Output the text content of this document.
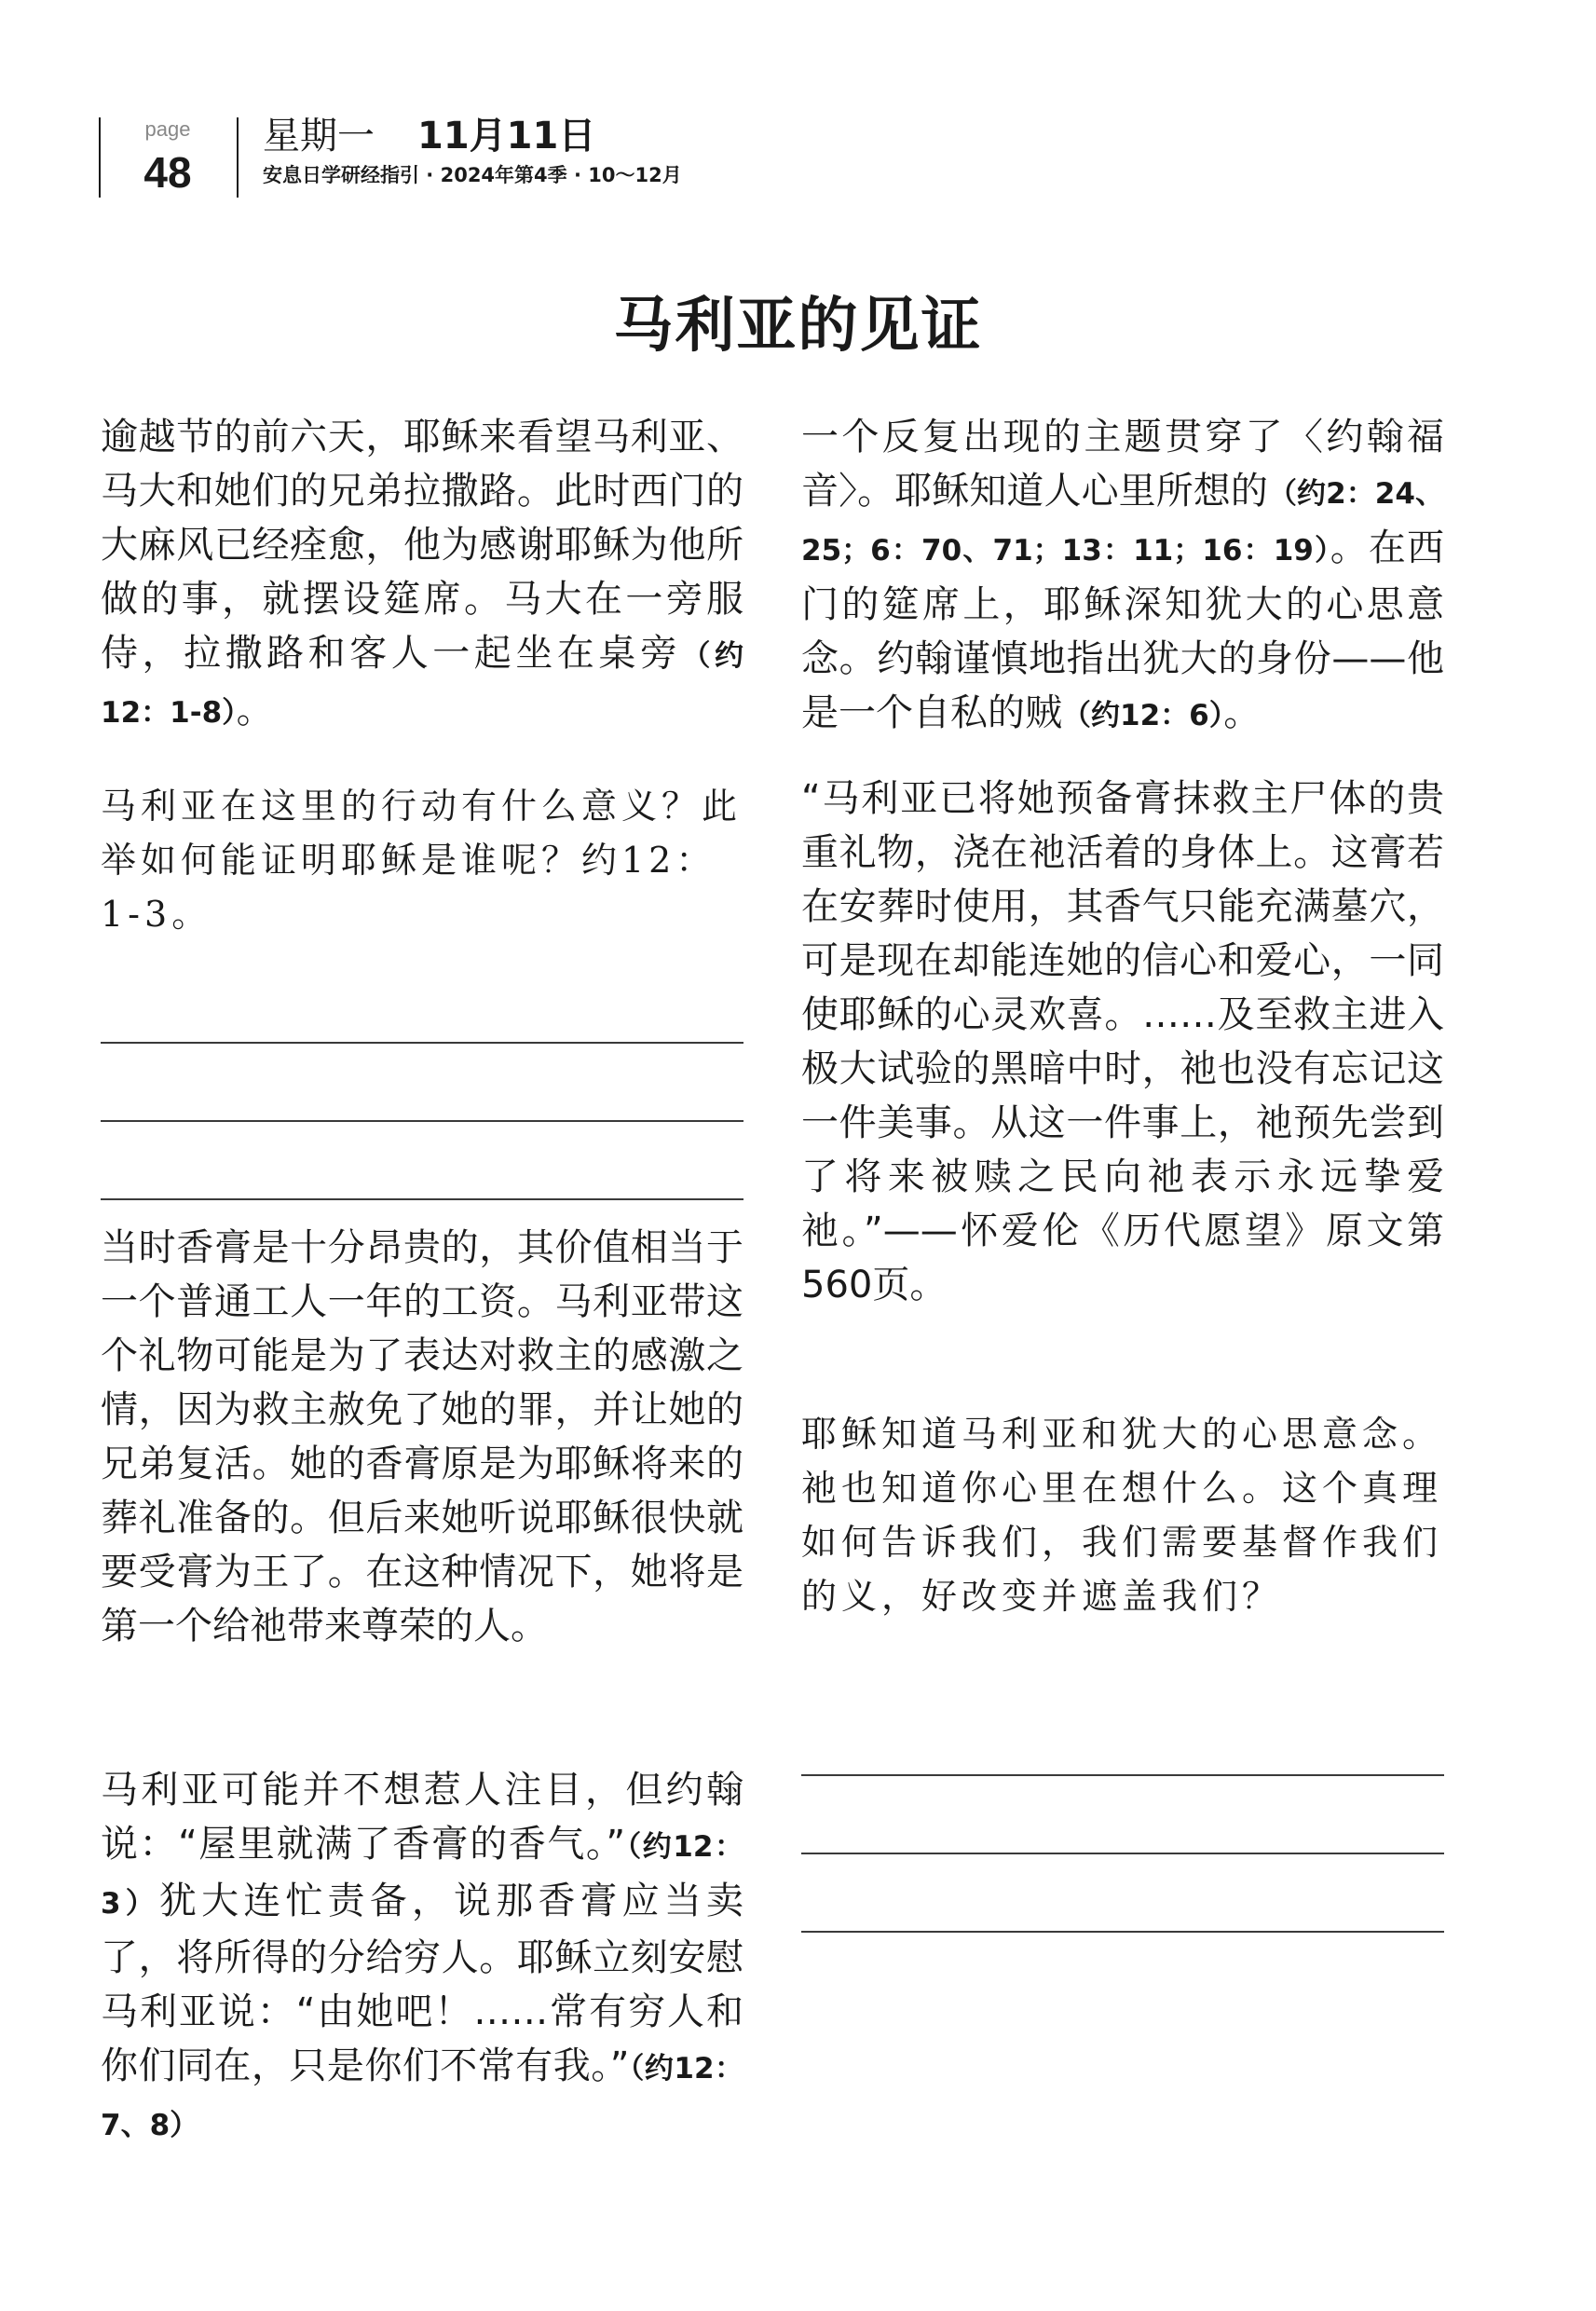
page
48
星期一 11月11日
安息日学研经指引 · 2024年第4季 · 10～12月
马利亚的见证

逾越节的前六天，耶稣来看望马利亚、马大和她们的兄弟拉撒路。此时西门的大麻风已经痊愈，他为感谢耶稣为他所做的事，就摆设筵席。马大在一旁服侍，拉撒路和客人一起坐在桌旁（约12：1-8）。

马利亚在这里的行动有什么意义？此举如何能证明耶稣是谁呢？约12：1-3。

当时香膏是十分昂贵的，其价值相当于一个普通工人一年的工资。马利亚带这个礼物可能是为了表达对救主的感激之情，因为救主赦免了她的罪，并让她的兄弟复活。她的香膏原是为耶稣将来的葬礼准备的。但后来她听说耶稣很快就要受膏为王了。在这种情况下，她将是第一个给祂带来尊荣的人。

马利亚可能并不想惹人注目，但约翰说：“屋里就满了香膏的香气。”（约12：3）犹大连忙责备，说那香膏应当卖了，将所得的分给穷人。耶稣立刻安慰马利亚说：“由她吧！……常有穷人和你们同在，只是你们不常有我。”（约12：7、8）

一个反复出现的主题贯穿了〈约翰福音〉。耶稣知道人心里所想的（约2：24、25；6：70、71；13：11；16：19）。在西门的筵席上，耶稣深知犹大的心思意念。约翰谨慎地指出犹大的身份——他是一个自私的贼（约12：6）。

“马利亚已将她预备膏抹救主尸体的贵重礼物，浇在祂活着的身体上。这膏若在安葬时使用，其香气只能充满墓穴，可是现在却能连她的信心和爱心，一同使耶稣的心灵欢喜。……及至救主进入极大试验的黑暗中时，祂也没有忘记这一件美事。从这一件事上，祂预先尝到了将来被赎之民向祂表示永远挚爱祂。”——怀爱伦《历代愿望》原文第560页。

耶稣知道马利亚和犹大的心思意念。祂也知道你心里在想什么。这个真理如何告诉我们，我们需要基督作我们的义，好改变并遮盖我们？
